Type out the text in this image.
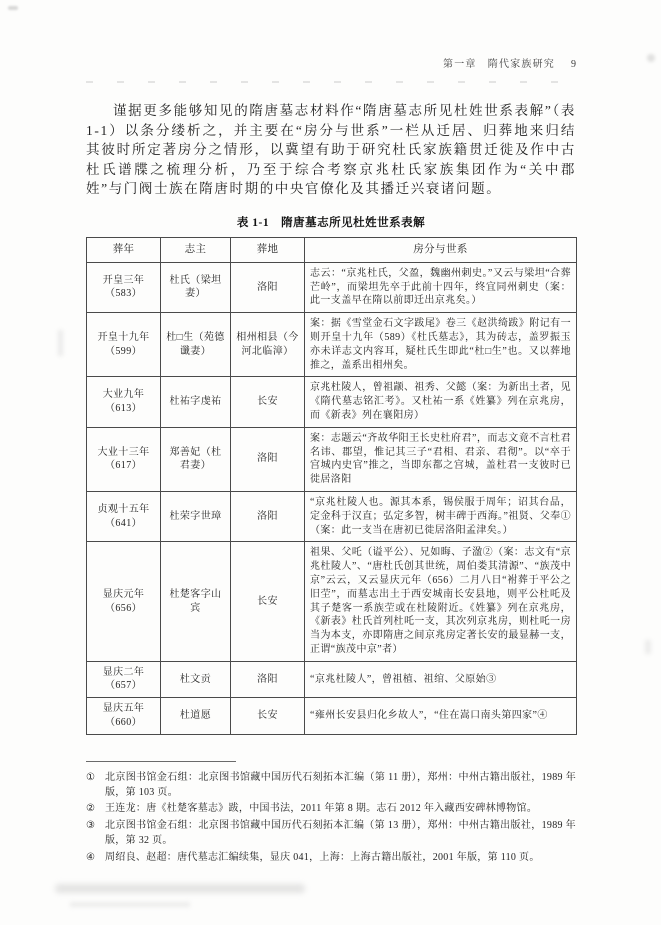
第一章　隋代家族研究 9

谨据更多能够知见的隋唐墓志材料作“隋唐墓志所见杜姓世系表解”（表 1-1）以条分缕析之，并主要在“房分与世系”一栏从迁居、归葬地来归结其彼时所定著房分之情形，以冀望有助于研究杜氏家族籍贯迁徙及作中古杜氏谱牒之梳理分析，乃至于综合考察京兆杜氏家族集团作为“关中郡姓”与门阀士族在隋唐时期的中央官僚化及其播迁兴衰诸问题。

表 1-1 隋唐墓志所见杜姓世系表解
葬年	志主	葬地	房分与世系
开皇三年（583）	杜氏（梁坦妻）	洛阳	志云：“京兆杜氏，父盈，魏幽州刺史。”又云与梁坦“合葬芒岭”，而梁坦先卒于此前十四年，终宜同州刺史（案：此一支盖早在隋以前即迁出京兆矣。）
开皇十九年（599）	杜□生（苑德谶妻）	相州相县（今河北临漳）	案：据《雪堂金石文字跋尾》卷三《赵洪绮跋》附记有一则开皇十九年（589）《杜氏墓志》，其为砖志，盖罗振玉亦未详志文内容耳，疑杜氏生即此“杜□生”也。又以葬地推之，盖系出相州矣。
大业九年（613）	杜祐字虔祐	长安	京兆杜陵人，曾祖颛、祖秀、父懿（案：为新出土者，见《隋代墓志铭汇考》。又杜祐一系《姓纂》列在京兆房，而《新表》列在襄阳房）
大业十三年（617）	郑善妃（杜君妻）	洛阳	案：志题云“齐故华阳王长史杜府君”，而志文竟不言杜君名讳、郡望，惟记其三子“君相、君亲、君彻”。以“卒于宫城内史官”推之，当即东都之宫城，盖杜君一支彼时已徙居洛阳
贞观十五年（641）	杜荣字世璋	洛阳	“京兆杜陵人也。源其本系，锡侯服于周年；诏其台品，定金科于汉直；弘定多智，树丰碑于西海。”祖贤、父奉①（案：此一支当在唐初已徙居洛阳孟津矣。）
显庆元年（656）	杜楚客字山宾	长安	祖果、父吒（谥平公）、兄如晦、子溋②（案：志文有“京兆杜陵人”、“唐杜氏创其世统，周伯娄其清源”、“族茂中京”云云，又云显庆元年（656）二月八日“袝葬于平公之旧茔”，而墓志出土于西安城南长安县地，则平公杜吒及其子楚客一系族茔或在杜陵附近。《姓纂》列在京兆房，《新表》杜氏首列杜吒一支，其次列京兆房，则杜吒一房当为本支，亦即隋唐之间京兆房定著长安的最显赫一支，正谓“族茂中京”者）
显庆二年（657）	杜文贡	洛阳	“京兆杜陵人”，曾祖植、祖绾、父原始③
显庆五年（660）	杜道愿	长安	“雍州长安县归化乡故人”，“住在嵩口南头第四家”④
① 北京图书馆金石组：北京图书馆藏中国历代石刻拓本汇编（第 11 册），郑州：中州古籍出版社，1989 年版，第 103 页。
② 王连龙：唐《杜楚客墓志》跋，中国书法，2011 年第 8 期。志石 2012 年入藏西安碑林博物馆。
③ 北京图书馆金石组：北京图书馆藏中国历代石刻拓本汇编（第 13 册），郑州：中州古籍出版社，1989 年版，第 32 页。
④ 周绍良、赵超：唐代墓志汇编续集，显庆 041，上海：上海古籍出版社，2001 年版，第 110 页。
